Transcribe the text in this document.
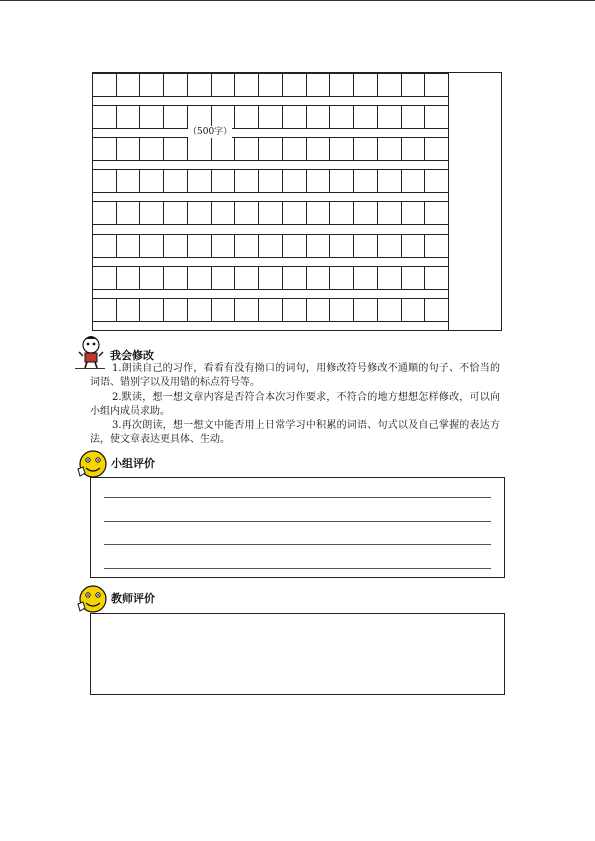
（500字）
我会修改
1.朗读自己的习作，看看有没有拗口的词句，用修改符号修改不通顺的句子、不恰当的词语、错别字以及用错的标点符号等。
2.默读，想一想文章内容是否符合本次习作要求，不符合的地方想想怎样修改，可以向小组内成员求助。
3.再次朗读，想一想文中能否用上日常学习中积累的词语、句式以及自己掌握的表达方法，使文章表达更具体、生动。
小组评价
教师评价
